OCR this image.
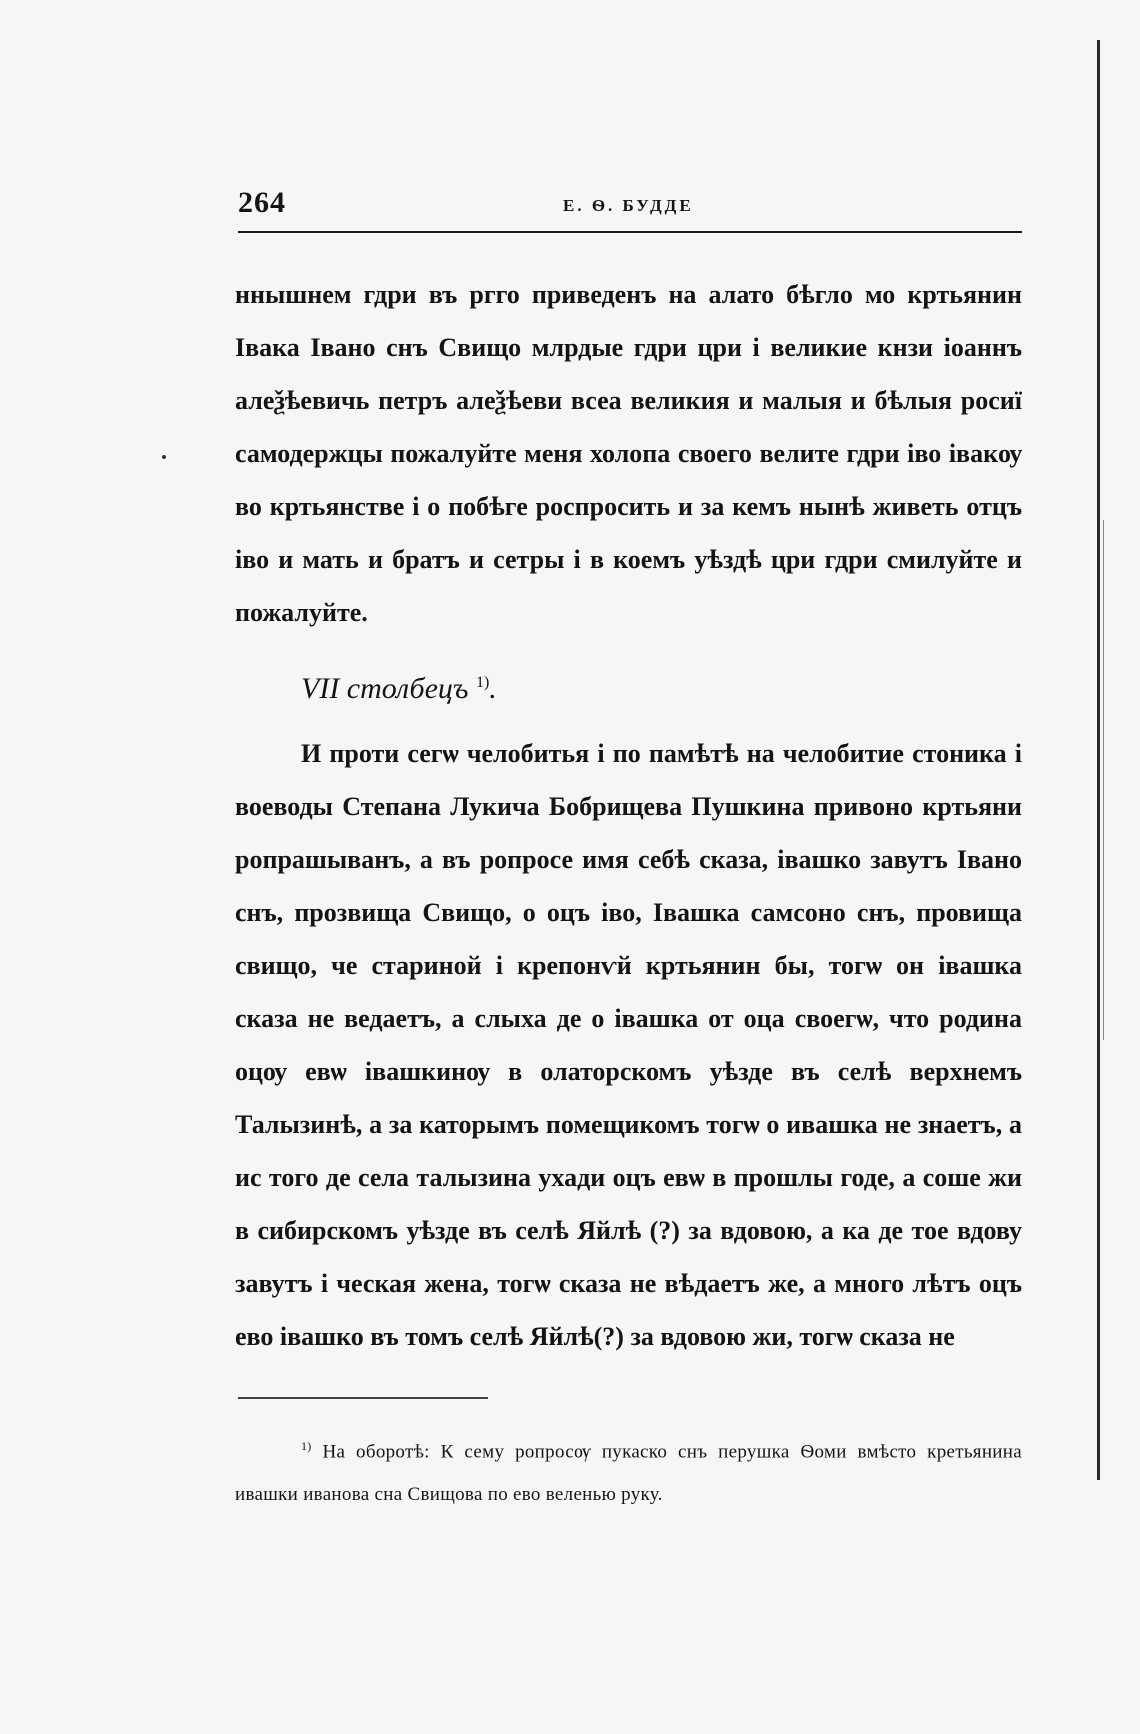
264	Е. Ѳ. БУДДЕ

ннышнем гдри въ ргго приведенъ на алато бѣгло мо кртьянин Івака Івано снъ Свищо млрдые гдри цри і великие кнзи іоаннъ алеѯѣевичь петръ алеѯѣеви всеа великия и малыя и бѣлыя росиї самодержцы пожалуйте меня холопа своего велите гдри іво івакѹ во кртьянстве і о побѣге роспросить и за кемъ нынѣ живеть отцъ іво и мать и братъ и сетры і в коемъ уѣздѣ цри гдри смилуйте и пожалуйте.

VII столбецъ $^{1)}$.

И проти сегѡ челобитья і по памѣтѣ на челобитие стоника і воеводы Степана Лукича Бобрищева Пушкина привоно кртьяни ропрашыванъ, а въ ропросе имя себѣ сказа, івашко завутъ Івано снъ, прозвища Свищо, о оцъ іво, Івашка самсоно снъ, провища свищо, че стариной і крепонѵй кртьянин бы, тогѡ он івашка сказа не ведаетъ, а слыха де о івашка от оца своегѡ, что родина оцѹ евѡ івашкинѹ в олаторскомъ уѣзде въ селѣ верхнемъ Талызинѣ, а за каторымъ помещикомъ тогѡ о ивашка не знаетъ, а ис того де села талызина ухади оцъ евѡ в прошлы годе, а соше жи в сибирскомъ уѣзде въ селѣ Яйлѣ (?) за вдовою, а ка де тое вдову завутъ і ческая жена, тогѡ сказа не вѣдаетъ же, а много лѣтъ оцъ ево івашко въ томъ селѣ Яйлѣ(?) за вдовою жи, тогѡ сказа не

$^{1)}$ На оборотѣ: К сему ропросѹ пукаско снъ перушка Ѳоми вмѣсто кретьянина ивашки иванова сна Свищова по ево веленью руку.
